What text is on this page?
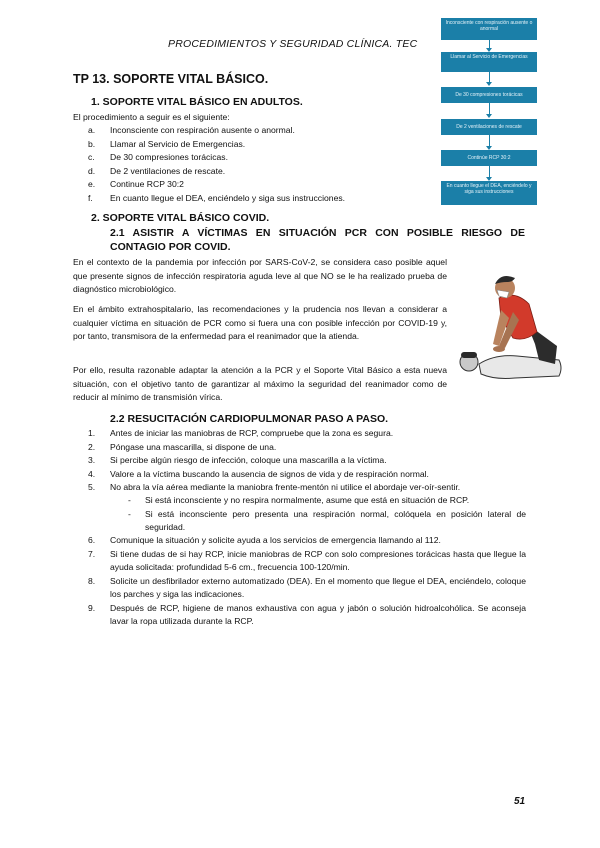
PROCEDIMIENTOS Y SEGURIDAD CLÍNICA. TEC
Inconsciente con respiración ausente o anormal
Llamar al Servicio de Emergencias
De 30 compresiones torácicas
De 2 ventilaciones de rescate
Continúe RCP 30:2
En cuanto llegue el DEA, enciéndelo y siga sus instrucciones
TP 13. SOPORTE VITAL BÁSICO.
1. SOPORTE VITAL BÁSICO EN ADULTOS.
El procedimiento a seguir es el siguiente:
a. Inconsciente con respiración ausente o anormal.
b. Llamar al Servicio de Emergencias.
c. De 30 compresiones torácicas.
d. De 2 ventilaciones de rescate.
e. Continue RCP 30:2
f. En cuanto llegue el DEA, enciéndelo y siga sus instrucciones.
2. SOPORTE VITAL BÁSICO COVID.
2.1 ASISTIR A VÍCTIMAS EN SITUACIÓN PCR CON POSIBLE RIESGO DE
CONTAGIO POR COVID.
En el contexto de la pandemia por infección por SARS-CoV-2, se considera caso posible aquel que presente signos de infección respiratoria aguda leve al que NO se le ha realizado prueba de diagnóstico microbiológico.
En el ámbito extrahospitalario, las recomendaciones y la prudencia nos llevan a considerar a cualquier víctima en situación de PCR como si fuera una con posible infección por COVID-19 y, por tanto, transmisora de la enfermedad para el reanimador que la atienda.
Por ello, resulta razonable adaptar la atención a la PCR y el Soporte Vital Básico a esta nueva situación, con el objetivo tanto de garantizar al máximo la seguridad del reanimador como de reducir al mínimo de transmisión vírica.
2.2 RESUCITACIÓN CARDIOPULMONAR PASO A PASO.
1. Antes de iniciar las maniobras de RCP, compruebe que la zona es segura.
2. Póngase una mascarilla, si dispone de una.
3. Si percibe algún riesgo de infección, coloque una mascarilla a la víctima.
4. Valore a la víctima buscando la ausencia de signos de vida y de respiración normal.
5. No abra la vía aérea mediante la maniobra frente-mentón ni utilice el abordaje ver-oír-sentir.
- Si está inconsciente y no respira normalmente, asume que está en situación de RCP.
- Si está inconsciente pero presenta una respiración normal, colóquela en posición lateral de seguridad.
6. Comunique la situación y solicite ayuda a los servicios de emergencia llamando al 112.
7. Si tiene dudas de si hay RCP, inicie maniobras de RCP con solo compresiones torácicas hasta que llegue la ayuda solicitada: profundidad 5-6 cm., frecuencia 100-120/min.
8. Solicite un desfibrilador externo automatizado (DEA). En el momento que llegue el DEA, enciéndelo, coloque los parches y siga las indicaciones.
9. Después de RCP, higiene de manos exhaustiva con agua y jabón o solución hidroalcohólica. Se aconseja lavar la ropa utilizada durante la RCP.
51
